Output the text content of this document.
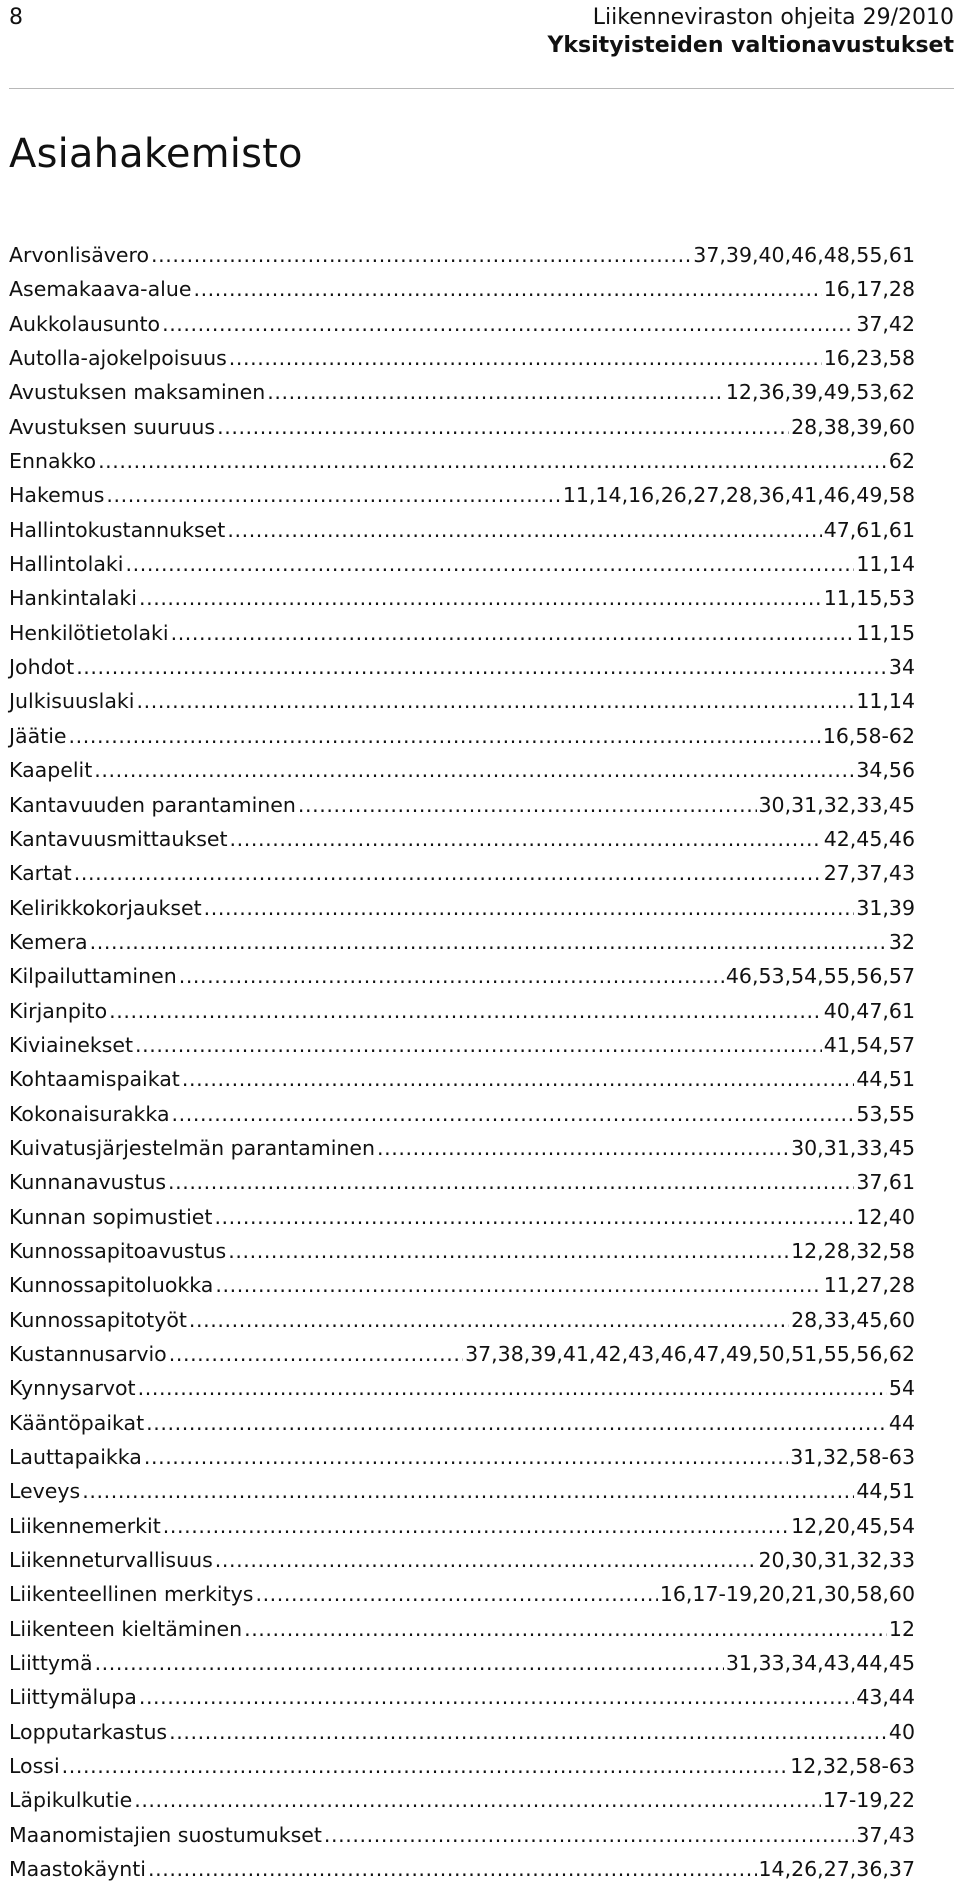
8	Liikenneviraston ohjeita 29/2010
Yksityisteiden valtionavustukset
Asiahakemisto
Arvonlisävero .....	37,39,40,46,48,55,61
Asemakaava-alue .....	16,17,28
Aukkolausunto .....	37,42
Autolla-ajokelpoisuus .....	16,23,58
Avustuksen maksaminen .....	12,36,39,49,53,62
Avustuksen suuruus .....	28,38,39,60
Ennakko .....	62
Hakemus .....	11,14,16,26,27,28,36,41,46,49,58
Hallintokustannukset .....	47,61,61
Hallintolaki .....	11,14
Hankintalaki .....	11,15,53
Henkilötietolaki .....	11,15
Johdot .....	34
Julkisuuslaki .....	11,14
Jäätie .....	16,58-62
Kaapelit .....	34,56
Kantavuuden parantaminen .....	30,31,32,33,45
Kantavuusmittaukset .....	42,45,46
Kartat .....	27,37,43
Kelirikkokorjaukset .....	31,39
Kemera .....	32
Kilpailuttaminen .....	46,53,54,55,56,57
Kirjanpito .....	40,47,61
Kiviainekset .....	41,54,57
Kohtaamispaikat .....	44,51
Kokonaisurakka .....	53,55
Kuivatusjärjestelmän parantaminen .....	30,31,33,45
Kunnanavustus .....	37,61
Kunnan sopimustiet .....	12,40
Kunnossapitoavustus .....	12,28,32,58
Kunnossapitoluokka .....	11,27,28
Kunnossapitotyöt .....	28,33,45,60
Kustannusarvio .....	37,38,39,41,42,43,46,47,49,50,51,55,56,62
Kynnysarvot .....	54
Kääntöpaikat .....	44
Lauttapaikka .....	31,32,58-63
Leveys .....	44,51
Liikennemerkit .....	12,20,45,54
Liikenneturvallisuus .....	20,30,31,32,33
Liikenteellinen merkitys .....	16,17-19,20,21,30,58,60
Liikenteen kieltäminen .....	12
Liittymä .....	31,33,34,43,44,45
Liittymälupa .....	43,44
Lopputarkastus .....	40
Lossi .....	12,32,58-63
Läpikulkutie .....	17-19,22
Maanomistajien suostumukset .....	37,43
Maastokäynti .....	14,26,27,36,37
